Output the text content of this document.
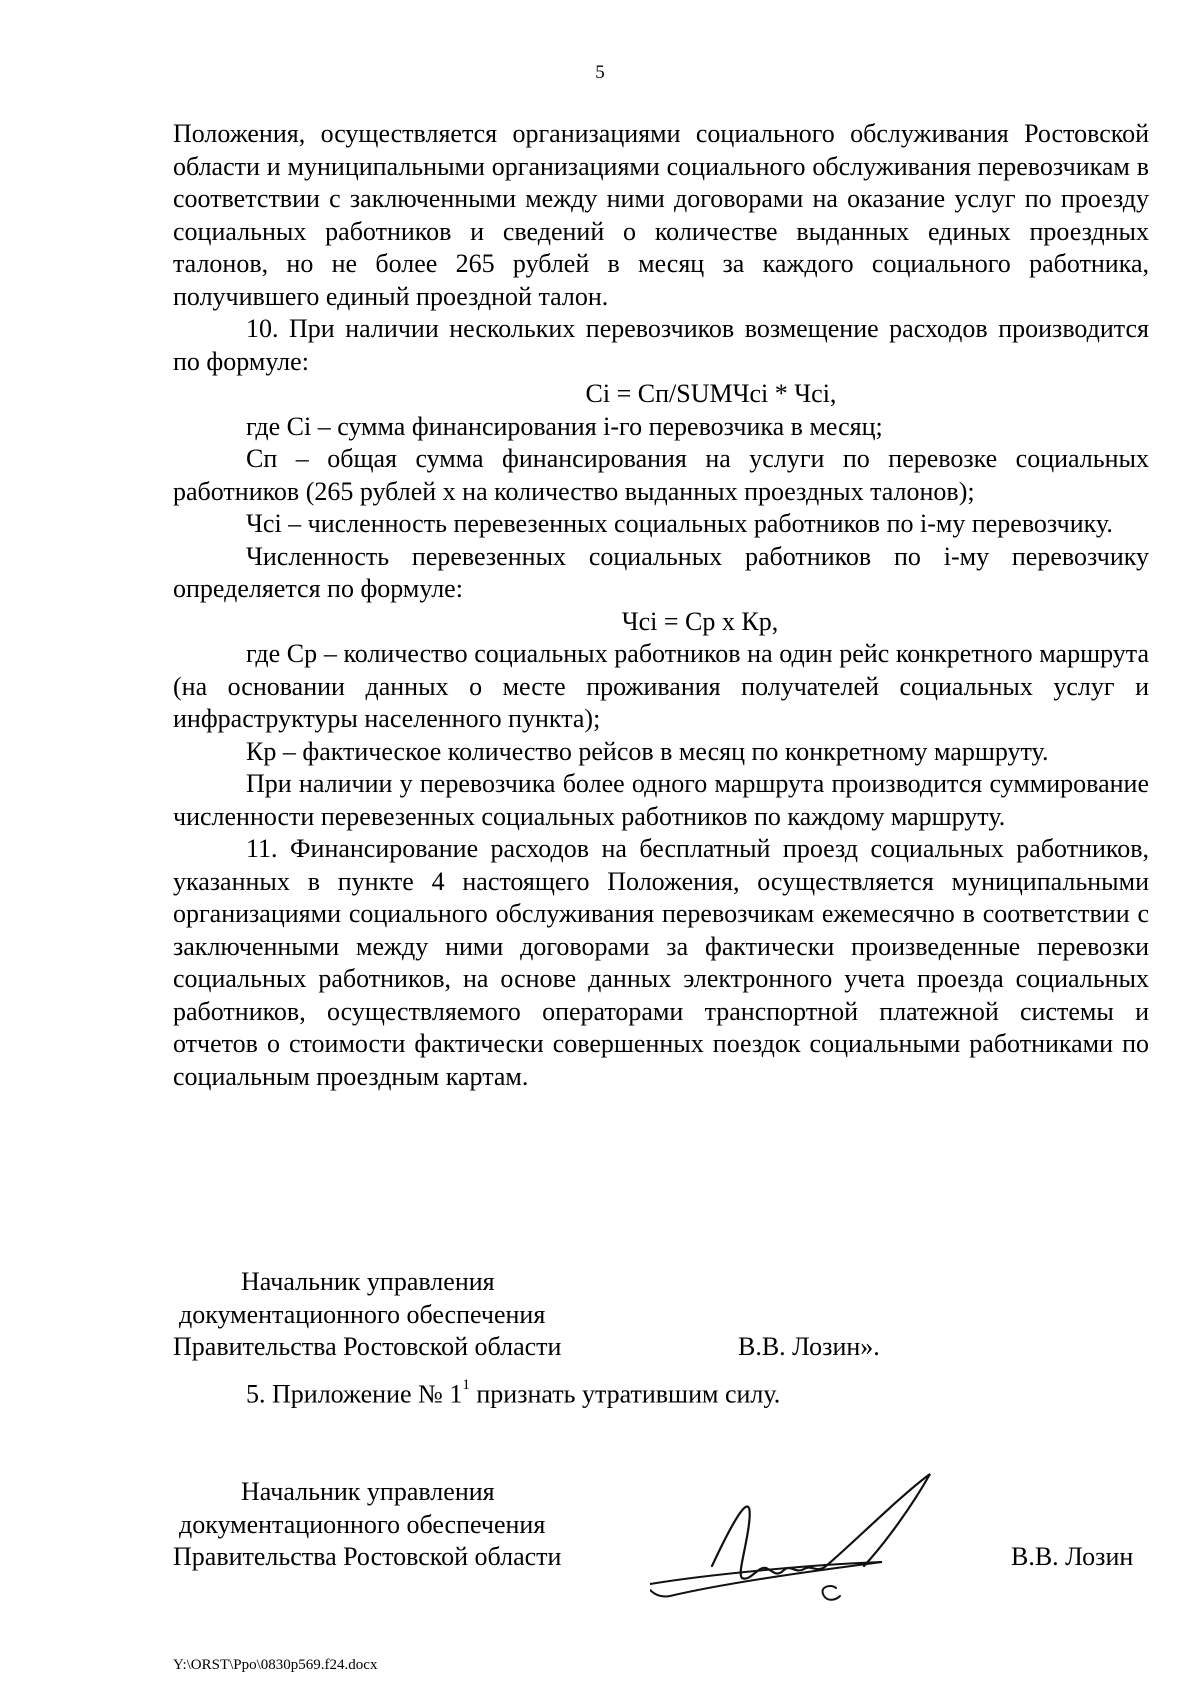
5

Положения, осуществляется организациями социального обслуживания Ростовской области и муниципальными организациями социального обслуживания перевозчикам в соответствии с заключенными между ними договорами на оказание услуг по проезду социальных работников и сведений о количестве выданных единых проездных талонов, но не более 265 рублей в месяц за каждого социального работника, получившего единый проездной талон.

10. При наличии нескольких перевозчиков возмещение расходов производится по формуле:

Ci = Сп/SUMЧci * Чci,

где Ci – сумма финансирования i-го перевозчика в месяц;

Сп – общая сумма финансирования на услуги по перевозке социальных работников (265 рублей х на количество выданных проездных талонов);

Чci – численность перевезенных социальных работников по i-му перевозчику.

Численность перевезенных социальных работников по i-му перевозчику определяется по формуле:

Чci = Ср х Кр,

где Ср – количество социальных работников на один рейс конкретного маршрута (на основании данных о месте проживания получателей социальных услуг и инфраструктуры населенного пункта);

Кр – фактическое количество рейсов в месяц по конкретному маршруту.

При наличии у перевозчика более одного маршрута производится суммирование численности перевезенных социальных работников по каждому маршруту.

11. Финансирование расходов на бесплатный проезд социальных работников, указанных в пункте 4 настоящего Положения, осуществляется муниципальными организациями социального обслуживания перевозчикам ежемесячно в соответствии с заключенными между ними договорами за фактически произведенные перевозки социальных работников, на основе данных электронного учета проезда социальных работников, осуществляемого операторами транспортной платежной системы и отчетов о стоимости фактически совершенных поездок социальными работниками по социальным проездным картам.

Начальник управления
документационного обеспечения
Правительства Ростовской области	В.В. Лозин».
5. Приложение № $1^1$ признать утратившим силу.
Начальник управления
документационного обеспечения
Правительства Ростовской области	В.В. Лозин
Y:\ORST\Ppo\0830p569.f24.docx
